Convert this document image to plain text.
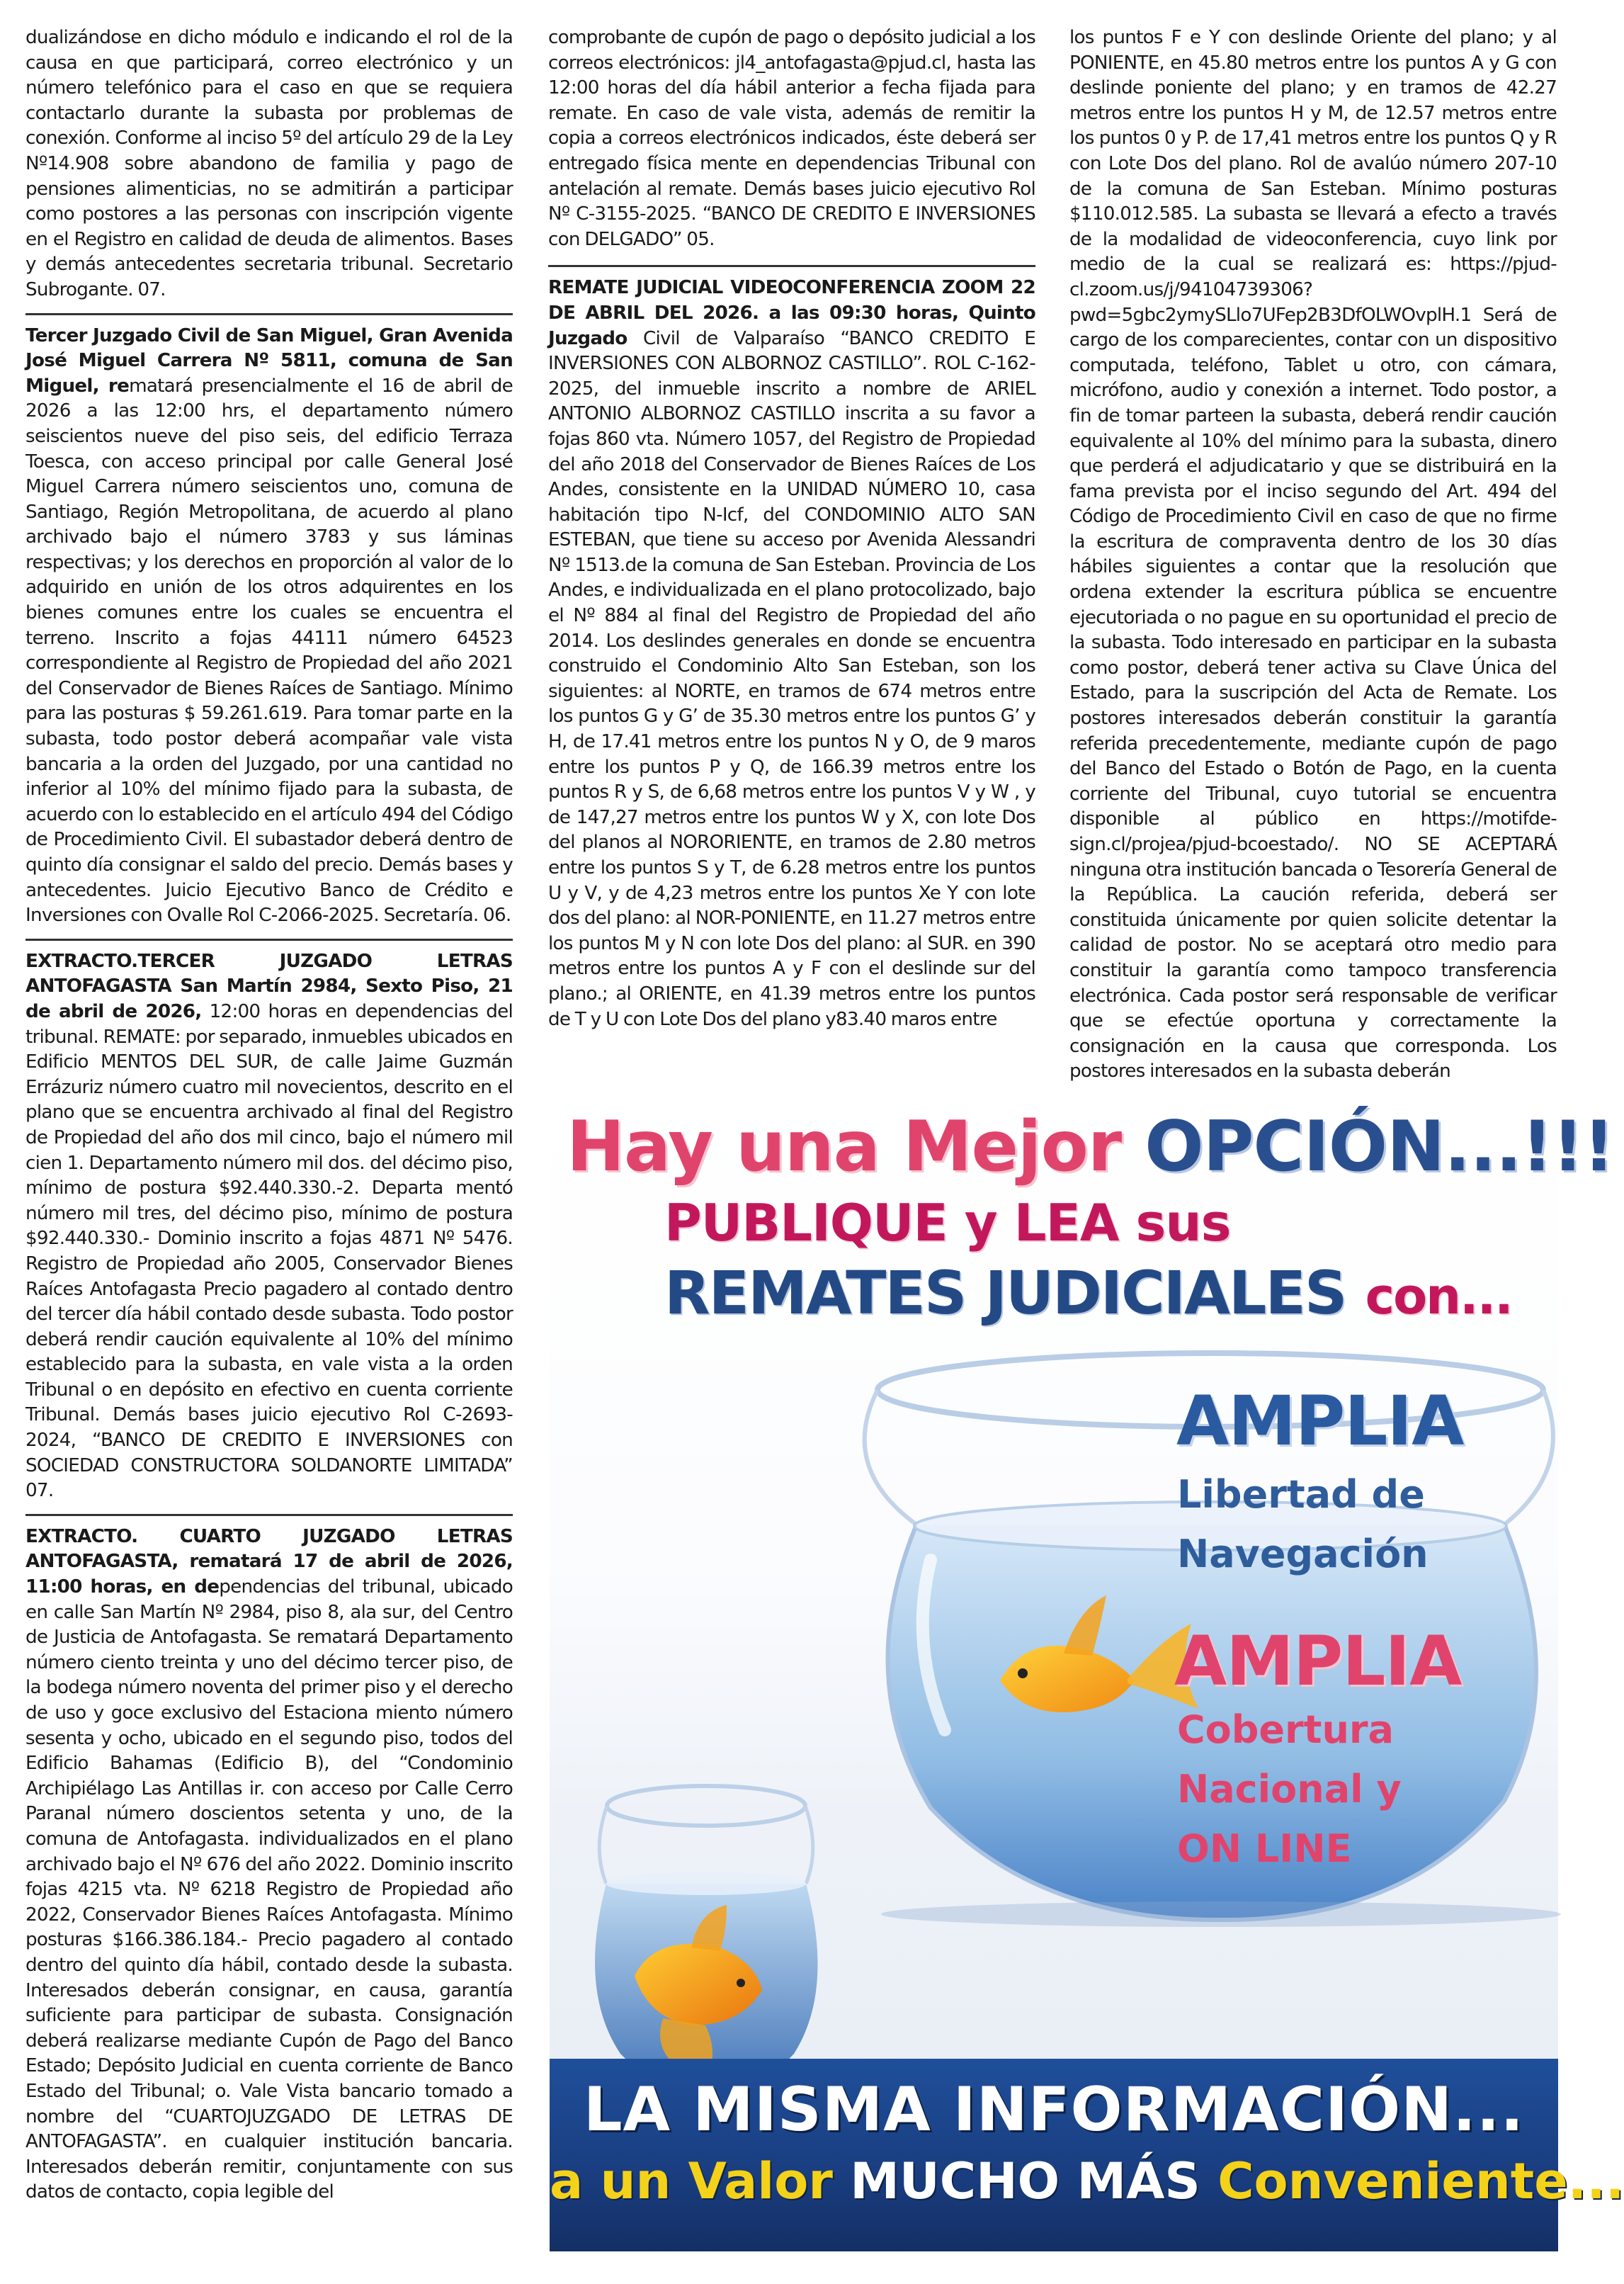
dualizándose en dicho módulo e indicando el rol de la causa en que participará, correo electrónico y un número telefónico para el caso en que se requiera contactarlo durante la subasta por problemas de conexión. Conforme al inciso 5º del artículo 29 de la Ley Nº14.908 sobre abandono de familia y pago de pensiones alimenticias, no se admitirán a participar como postores a las personas con inscripción vigente en el Registro en calidad de deuda de alimentos. Bases y demás antecedentes secretaria tribunal. Secretario Subrogante. 07.

Tercer Juzgado Civil de San Miguel, Gran Avenida José Miguel Carrera Nº 5811, comuna de San Miguel, rematará presencialmente el 16 de abril de 2026 a las 12:00 hrs, el departamento número seiscientos nueve del piso seis, del edificio Terraza Toesca, con acceso principal por calle General José Miguel Carrera número seiscientos uno, comuna de Santiago, Región Metropolitana, de acuerdo al plano archivado bajo el número 3783 y sus láminas respectivas; y los derechos en proporción al valor de lo adquirido en unión de los otros adquirentes en los bienes comunes entre los cuales se encuentra el terreno. Inscrito a fojas 44111 número 64523 correspondiente al Registro de Propiedad del año 2021 del Conservador de Bienes Raíces de Santiago. Mínimo para las posturas $ 59.261.619. Para tomar parte en la subasta, todo postor deberá acompañar vale vista bancaria a la orden del Juzgado, por una cantidad no inferior al 10% del mínimo fijado para la subasta, de acuerdo con lo establecido en el artículo 494 del Código de Procedimiento Civil. El subastador deberá dentro de quinto día consignar el saldo del precio. Demás bases y antecedentes. Juicio Ejecutivo Banco de Crédito e Inversiones con Ovalle Rol C-2066-2025. Secretaría. 06.

EXTRACTO.TERCER JUZGADO LETRAS ANTOFAGASTA San Martín 2984, Sexto Piso, 21 de abril de 2026, 12:00 horas en dependencias del tribunal. REMATE: por separado, inmuebles ubicados en Edificio MENTOS DEL SUR, de calle Jaime Guzmán Errázuriz número cuatro mil novecientos, descrito en el plano que se encuentra archivado al final del Registro de Propiedad del año dos mil cinco, bajo el número mil cien 1. Departamento número mil dos. del décimo piso, mínimo de postura $92.440.330.-2. Departa mentó número mil tres, del décimo piso, mínimo de postura $92.440.330.- Dominio inscrito a fojas 4871 Nº 5476. Registro de Propiedad año 2005, Conservador Bienes Raíces Antofagasta Precio pagadero al contado dentro del tercer día hábil contado desde subasta. Todo postor deberá rendir caución equivalente al 10% del mínimo establecido para la subasta, en vale vista a la orden Tribunal o en depósito en efectivo en cuenta corriente Tribunal. Demás bases juicio ejecutivo Rol C-2693-2024, “BANCO DE CREDITO E INVERSIONES con SOCIEDAD CONSTRUCTORA SOLDANORTE LIMITADA” 07.

EXTRACTO. CUARTO JUZGADO LETRAS ANTOFAGASTA, rematará 17 de abril de 2026, 11:00 horas, en dependencias del tribunal, ubicado en calle San Martín Nº 2984, piso 8, ala sur, del Centro de Justicia de Antofagasta. Se rematará Departamento número ciento treinta y uno del décimo tercer piso, de la bodega número noventa del primer piso y el derecho de uso y goce exclusivo del Estaciona miento número sesenta y ocho, ubicado en el segundo piso, todos del Edificio Bahamas (Edificio B), del “Condominio Archipiélago Las Antillas ir. con acceso por Calle Cerro Paranal número doscientos setenta y uno, de la comuna de Antofagasta. individualizados en el plano archivado bajo el Nº 676 del año 2022. Dominio inscrito fojas 4215 vta. Nº 6218 Registro de Propiedad año 2022, Conservador Bienes Raíces Antofagasta. Mínimo posturas $166.386.184.- Precio pagadero al contado dentro del quinto día hábil, contado desde la subasta. Interesados deberán consignar, en causa, garantía suficiente para participar de subasta. Consignación deberá realizarse mediante Cupón de Pago del Banco Estado; Depósito Judicial en cuenta corriente de Banco Estado del Tribunal; o. Vale Vista bancario tomado a nombre del “CUARTOJUZGADO DE LETRAS DE ANTOFAGASTA”. en cualquier institución bancaria. Interesados deberán remitir, conjuntamente con sus datos de contacto, copia legible del

comprobante de cupón de pago o depósito judicial a los correos electrónicos: jl4_antofagasta@pjud.cl, hasta las 12:00 horas del día hábil anterior a fecha fijada para remate. En caso de vale vista, además de remitir la copia a correos electrónicos indicados, éste deberá ser entregado física mente en dependencias Tribunal con antelación al remate. Demás bases juicio ejecutivo Rol Nº C-3155-2025. “BANCO DE CREDITO E INVERSIONES con DELGADO” 05.

REMATE JUDICIAL VIDEOCONFERENCIA ZOOM 22 DE ABRIL DEL 2026. a las 09:30 horas, Quinto Juzgado Civil de Valparaíso “BANCO CREDITO E INVERSIONES CON ALBORNOZ CASTILLO”. ROL C-162-2025, del inmueble inscrito a nombre de ARIEL ANTONIO ALBORNOZ CASTILLO inscrita a su favor a fojas 860 vta. Número 1057, del Registro de Propiedad del año 2018 del Conservador de Bienes Raíces de Los Andes, consistente en la UNIDAD NÚMERO 10, casa habitación tipo N-Icf, del CONDOMINIO ALTO SAN ESTEBAN, que tiene su acceso por Avenida Alessandri Nº 1513.de la comuna de San Esteban. Provincia de Los Andes, e individualizada en el plano protocolizado, bajo el Nº 884 al final del Registro de Propiedad del año 2014. Los deslindes generales en donde se encuentra construido el Condominio Alto San Esteban, son los siguientes: al NORTE, en tramos de 674 metros entre los puntos G y G’ de 35.30 metros entre los puntos G’ y H, de 17.41 metros entre los puntos N y O, de 9 maros entre los puntos P y Q, de 166.39 metros entre los puntos R y S, de 6,68 metros entre los puntos V y W , y de 147,27 metros entre los puntos W y X, con lote Dos del planos al NORORIENTE, en tramos de 2.80 metros entre los puntos S y T, de 6.28 metros entre los puntos U y V, y de 4,23 metros entre los puntos Xe Y con lote dos del plano: al NOR-PONIENTE, en 11.27 metros entre los puntos M y N con lote Dos del plano: al SUR. en 390 metros entre los puntos A y F con el deslinde sur del plano.; al ORIENTE, en 41.39 metros entre los puntos de T y U con Lote Dos del plano y83.40 maros entre

los puntos F e Y con deslinde Oriente del plano; y al PONIENTE, en 45.80 metros entre los puntos A y G con deslinde poniente del plano; y en tramos de 42.27 metros entre los puntos H y M, de 12.57 metros entre los puntos 0 y P. de 17,41 metros entre los puntos Q y R con Lote Dos del plano. Rol de avalúo número 207-10 de la comuna de San Esteban. Mínimo posturas $110.012.585. La subasta se llevará a efecto a través de la modalidad de videoconferencia, cuyo link por medio de la cual se realizará es: https://pjud-cl.zoom.us/j/94104739306?pwd=5gbc2ymySLlo7UFep2B3DfOLWOvplH.1 Será de cargo de los comparecientes, contar con un dispositivo computada, teléfono, Tablet u otro, con cámara, micrófono, audio y conexión a internet. Todo postor, a fin de tomar parteen la subasta, deberá rendir caución equivalente al 10% del mínimo para la subasta, dinero que perderá el adjudicatario y que se distribuirá en la fama prevista por el inciso segundo del Art. 494 del Código de Procedimiento Civil en caso de que no firme la escritura de compraventa dentro de los 30 días hábiles siguientes a contar que la resolución que ordena extender la escritura pública se encuentre ejecutoriada o no pague en su oportunidad el precio de la subasta. Todo interesado en participar en la subasta como postor, deberá tener activa su Clave Única del Estado, para la suscripción del Acta de Remate. Los postores interesados deberán constituir la garantía referida precedentemente, mediante cupón de pago del Banco del Estado o Botón de Pago, en la cuenta corriente del Tribunal, cuyo tutorial se encuentra disponible al público en https://motifde-sign.cl/projea/pjud-bcoestado/. NO SE ACEPTARÁ ninguna otra institución bancada o Tesorería General de la República. La caución referida, deberá ser constituida únicamente por quien solicite detentar la calidad de postor. No se aceptará otro medio para constituir la garantía como tampoco transferencia electrónica. Cada postor será responsable de verificar que se efectúe oportuna y correctamente la consignación en la causa que corresponda. Los postores interesados en la subasta deberán

Hay una Mejor OPCIÓN...!!!
PUBLIQUE y LEA sus
REMATES JUDICIALES con...
AMPLIA
Libertad de
Navegación
AMPLIA
Cobertura
Nacional y
ON LINE
LA MISMA INFORMACIÓN...
a un Valor MUCHO MÁS Conveniente...
